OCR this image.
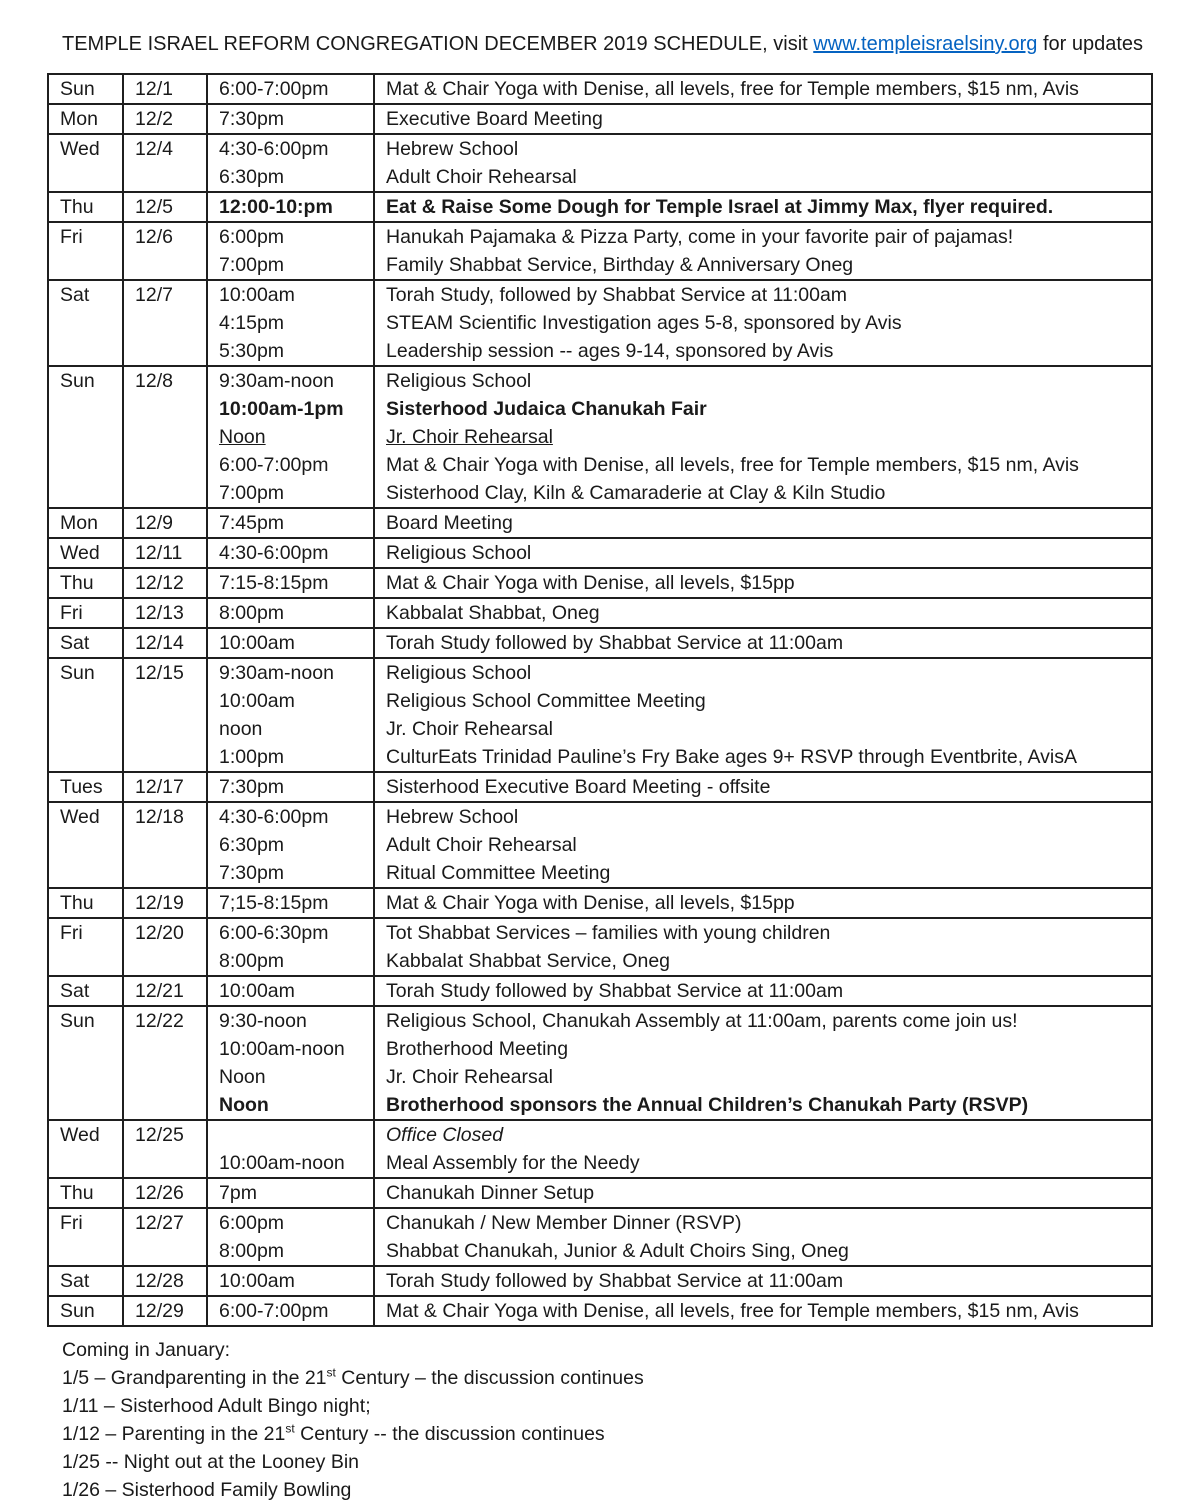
TEMPLE ISRAEL REFORM CONGREGATION DECEMBER 2019 SCHEDULE, visit www.templeisraelsiny.org for updates
Sun	12/1	6:00-7:00pm	Mat & Chair Yoga with Denise, all levels, free for Temple members, $15 nm, Avis
Mon	12/2	7:30pm	Executive Board Meeting
Wed	12/4	4:30-6:00pm	Hebrew School
		6:30pm	Adult Choir Rehearsal
Thu	12/5	12:00-10:pm	Eat & Raise Some Dough for Temple Israel at Jimmy Max, flyer required.
Fri	12/6	6:00pm	Hanukah Pajamaka & Pizza Party, come in your favorite pair of pajamas!
		7:00pm	Family Shabbat Service, Birthday & Anniversary Oneg
Sat	12/7	10:00am	Torah Study, followed by Shabbat Service at 11:00am
		4:15pm	STEAM Scientific Investigation ages 5-8, sponsored by Avis
		5:30pm	Leadership session -- ages 9-14, sponsored by Avis
Sun	12/8	9:30am-noon	Religious School
		10:00am-1pm	Sisterhood Judaica Chanukah Fair
		Noon	Jr. Choir Rehearsal
		6:00-7:00pm	Mat & Chair Yoga with Denise, all levels, free for Temple members, $15 nm, Avis
		7:00pm	Sisterhood Clay, Kiln & Camaraderie at Clay & Kiln Studio
Mon	12/9	7:45pm	Board Meeting
Wed	12/11	4:30-6:00pm	Religious School
Thu	12/12	7:15-8:15pm	Mat & Chair Yoga with Denise, all levels, $15pp
Fri	12/13	8:00pm	Kabbalat Shabbat, Oneg
Sat	12/14	10:00am	Torah Study followed by Shabbat Service at 11:00am
Sun	12/15	9:30am-noon	Religious School
		10:00am	Religious School Committee Meeting
		noon	Jr. Choir Rehearsal
		1:00pm	CulturEats Trinidad Pauline’s Fry Bake ages 9+ RSVP through Eventbrite, AvisA
Tues	12/17	7:30pm	Sisterhood Executive Board Meeting - offsite
Wed	12/18	4:30-6:00pm	Hebrew School
		6:30pm	Adult Choir Rehearsal
		7:30pm	Ritual Committee Meeting
Thu	12/19	7;15-8:15pm	Mat & Chair Yoga with Denise, all levels, $15pp
Fri	12/20	6:00-6:30pm	Tot Shabbat Services – families with young children
		8:00pm	Kabbalat Shabbat Service, Oneg
Sat	12/21	10:00am	Torah Study followed by Shabbat Service at 11:00am
Sun	12/22	9:30-noon	Religious School, Chanukah Assembly at 11:00am, parents come join us!
		10:00am-noon	Brotherhood Meeting
		Noon	Jr. Choir Rehearsal
		Noon	Brotherhood sponsors the Annual Children’s Chanukah Party (RSVP)
Wed	12/25		Office Closed
		10:00am-noon	Meal Assembly for the Needy
Thu	12/26	7pm	Chanukah Dinner Setup
Fri	12/27	6:00pm	Chanukah / New Member Dinner (RSVP)
		8:00pm	Shabbat Chanukah, Junior & Adult Choirs Sing, Oneg
Sat	12/28	10:00am	Torah Study followed by Shabbat Service at 11:00am
Sun	12/29	6:00-7:00pm	Mat & Chair Yoga with Denise, all levels, free for Temple members, $15 nm, Avis
Coming in January:
1/5 – Grandparenting in the 21st Century – the discussion continues
1/11 – Sisterhood Adult Bingo night;
1/12 – Parenting in the 21st Century -- the discussion continues
1/25 -- Night out at the Looney Bin
1/26 – Sisterhood Family Bowling
